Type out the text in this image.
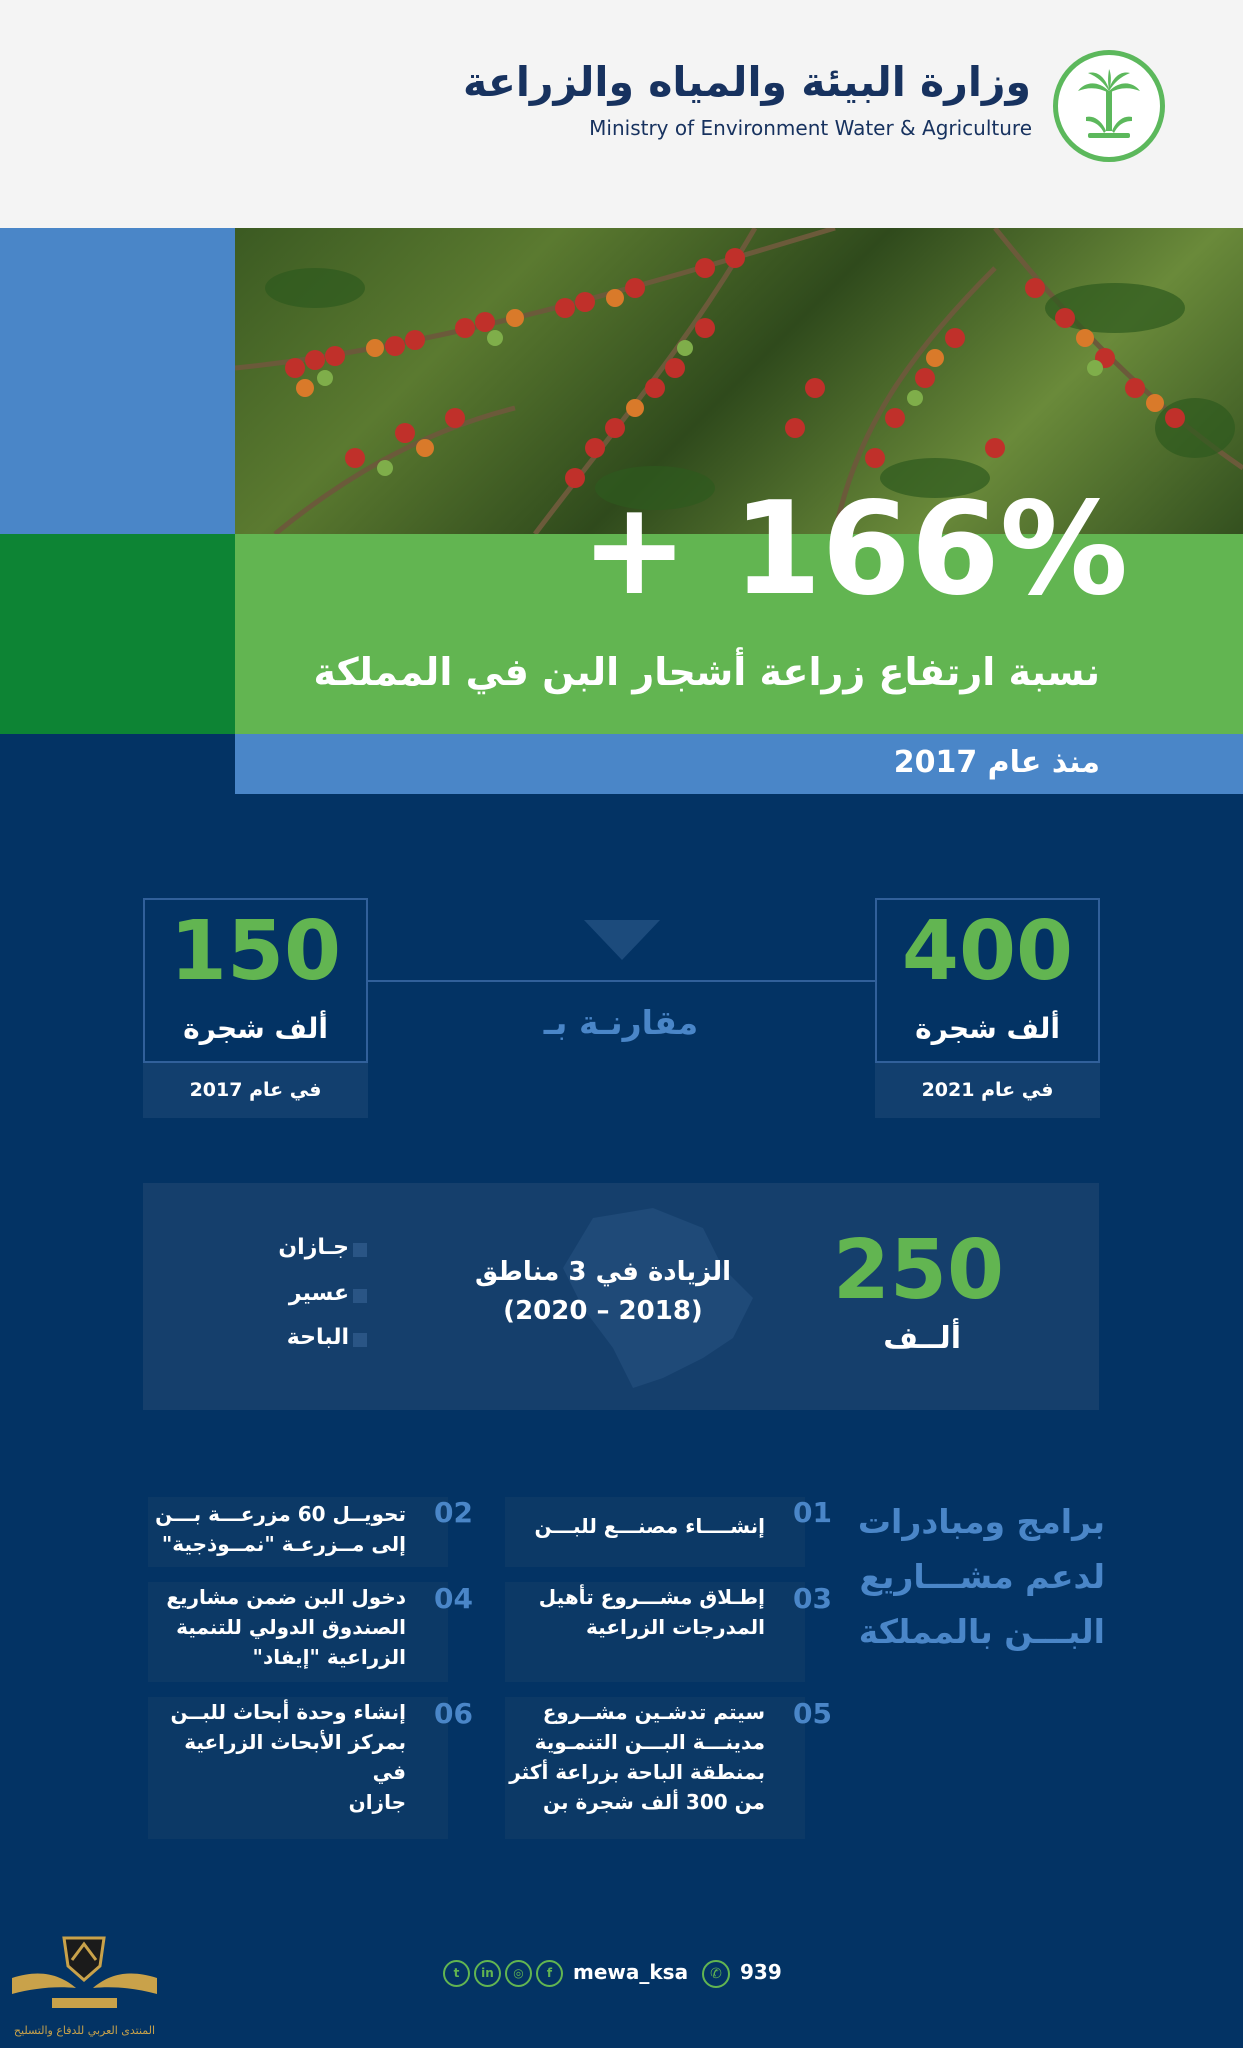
وزارة البيئة والمياه والزراعة
Ministry of Environment Water & Agriculture
+ 166%
نسبة ارتفاع زراعة أشجار البن في المملكة
منذ عام 2017
400
ألف شجرة
في عام 2021
150
ألف شجرة
في عام 2017
مقارنـة بـ
250
ألــف
الزيادة في 3 مناطق
(2018 – 2020)
جـازان
عسير
الباحة
برامج ومبادرات
لدعم مشـــاريع
البـــن بالمملكة
إنشــــاء مصنـــع للبـــن 01
تحويــل 60 مزرعـــة بـــن
إلى مــزرعـة "نمــوذجية"
02
إطـلاق مشـــروع تأهيل
المدرجات الزراعية
03
دخول البن ضمن مشاريع
الصندوق الدولي للتنمية
الزراعية "إيفاد"
04
سيتم تدشـين مشــروع
مدينـــة البـــن التنمـوية
بمنطقة الباحة بزراعة أكثر
من 300 ألف شجرة بن
05
إنشاء وحدة أبحاث للبــن
بمركز الأبحاث الزراعية في
جازان
06
t	in	◎	f	mewa_ksa	✆ 939
المنتدى العربي للدفاع والتسليح
